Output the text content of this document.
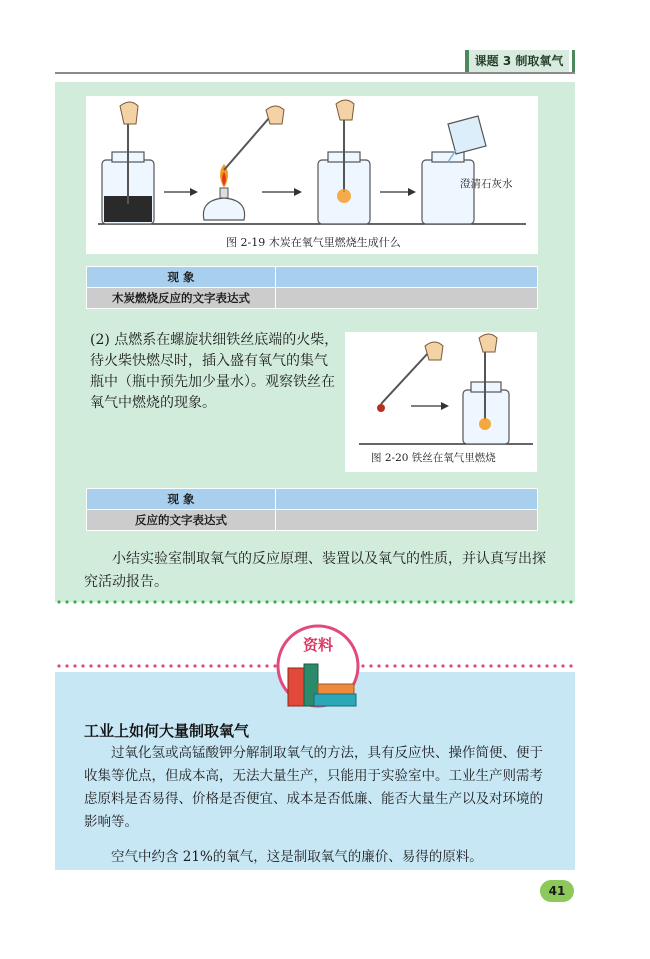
课题 3 制取氧气
澄清石灰水
图 2-19 木炭在氧气里燃烧生成什么
现 象	
木炭燃烧反应的文字表达式	
(2) 点燃系在螺旋状细铁丝底端的火柴，待火柴快燃尽时，插入盛有氧气的集气瓶中（瓶中预先加少量水）。观察铁丝在氧气中燃烧的现象。
图 2-20 铁丝在氧气里燃烧
现 象	
反应的文字表达式	
小结实验室制取氧气的反应原理、装置以及氧气的性质，并认真写出探究活动报告。
资料
工业上如何大量制取氧气
过氧化氢或高锰酸钾分解制取氧气的方法，具有反应快、操作简便、便于收集等优点，但成本高，无法大量生产，只能用于实验室中。工业生产则需考虑原料是否易得、价格是否便宜、成本是否低廉、能否大量生产以及对环境的影响等。
空气中约含 21%的氧气，这是制取氧气的廉价、易得的原料。
41
